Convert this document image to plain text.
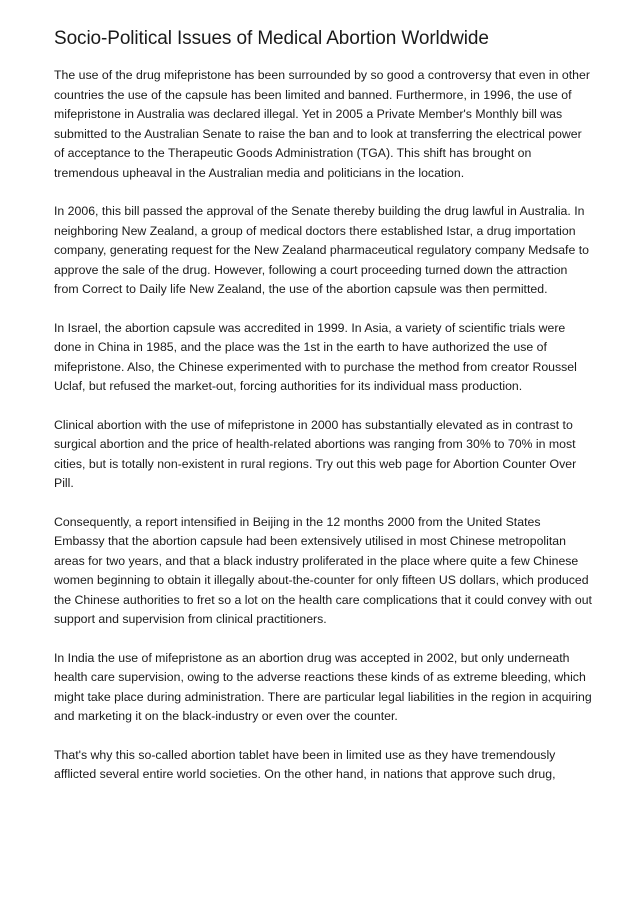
Socio-Political Issues of Medical Abortion Worldwide

The use of the drug mifepristone has been surrounded by so good a controversy that even in other countries the use of the capsule has been limited and banned. Furthermore, in 1996, the use of mifepristone in Australia was declared illegal. Yet in 2005 a Private Member's Monthly bill was submitted to the Australian Senate to raise the ban and to look at transferring the electrical power of acceptance to the Therapeutic Goods Administration (TGA). This shift has brought on tremendous upheaval in the Australian media and politicians in the location.

In 2006, this bill passed the approval of the Senate thereby building the drug lawful in Australia. In neighboring New Zealand, a group of medical doctors there established Istar, a drug importation company, generating request for the New Zealand pharmaceutical regulatory company Medsafe to approve the sale of the drug. However, following a court proceeding turned down the attraction from Correct to Daily life New Zealand, the use of the abortion capsule was then permitted.

In Israel, the abortion capsule was accredited in 1999. In Asia, a variety of scientific trials were done in China in 1985, and the place was the 1st in the earth to have authorized the use of mifepristone. Also, the Chinese experimented with to purchase the method from creator Roussel Uclaf, but refused the market-out, forcing authorities for its individual mass production.

Clinical abortion with the use of mifepristone in 2000 has substantially elevated as in contrast to surgical abortion and the price of health-related abortions was ranging from 30% to 70% in most cities, but is totally non-existent in rural regions. Try out this web page for Abortion Counter Over Pill.

Consequently, a report intensified in Beijing in the 12 months 2000 from the United States Embassy that the abortion capsule had been extensively utilised in most Chinese metropolitan areas for two years, and that a black industry proliferated in the place where quite a few Chinese women beginning to obtain it illegally about-the-counter for only fifteen US dollars, which produced the Chinese authorities to fret so a lot on the health care complications that it could convey with out support and supervision from clinical practitioners.

In India the use of mifepristone as an abortion drug was accepted in 2002, but only underneath health care supervision, owing to the adverse reactions these kinds of as extreme bleeding, which might take place during administration. There are particular legal liabilities in the region in acquiring and marketing it on the black-industry or even over the counter.

That's why this so-called abortion tablet have been in limited use as they have tremendously afflicted several entire world societies. On the other hand, in nations that approve such drug,
